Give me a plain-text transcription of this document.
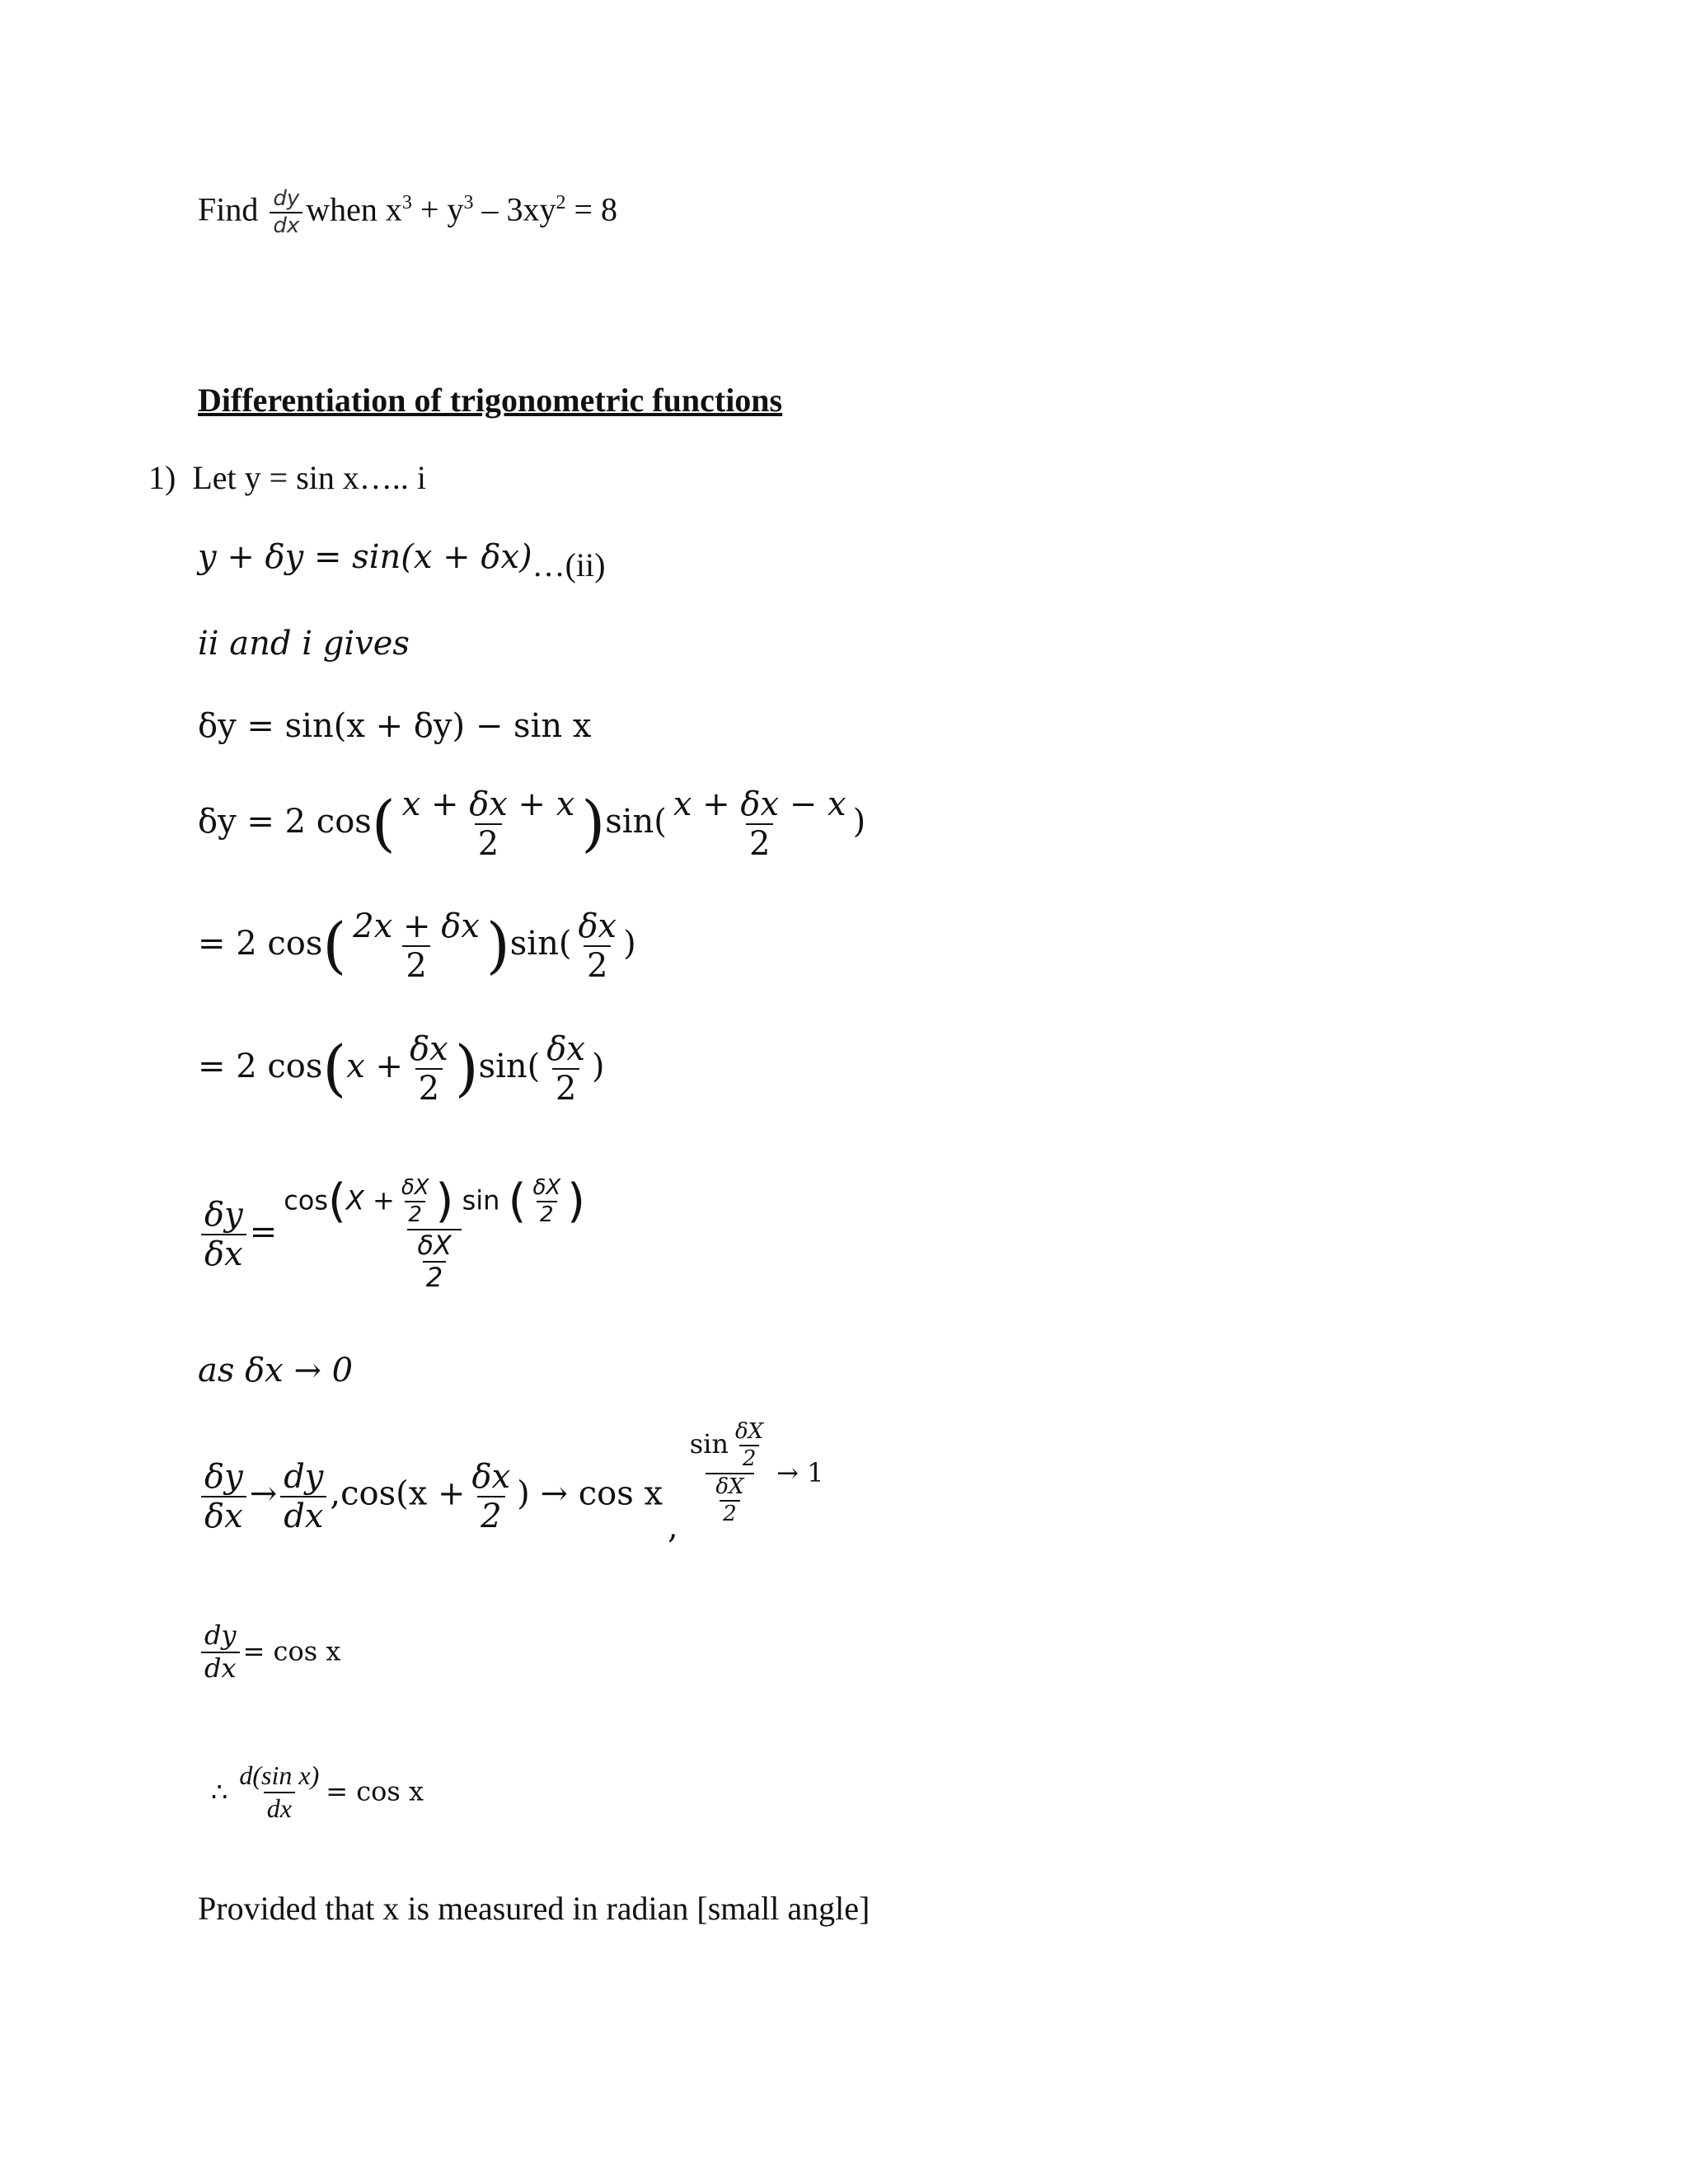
Find $\frac{dy}{dx}$ when $x^3 + y^3 - 3xy^2 = 8$
Differentiation of trigonometric functions
1) Let y = sin x….. i
y + δy = sin(x + δx)…(ii)
ii and i gives
δy = sin(x + δy) − sin x
δy = 2 $\cos( \frac{x + \delta x + x}{2} )\sin( \frac{x + \delta x - x}{2}$ )
= 2 $\cos( \frac{2x + \delta x}{2} )\sin( \frac{\delta x}{2}$ )
= 2 $\cos(x + \frac{\delta x}{2} )\sin( \frac{\delta x}{2}$ )
$\frac{\delta y}{\delta x} = \frac{\cos(X + \frac{\delta X}{2} ) \sin ( \frac{\delta X}{2} )}{\frac{\delta X}{2}}$
as δx → 0
$\frac{\delta y}{\delta x} \to \frac{dy}{dx} ,\cos(x + \frac{\delta x}{2}$ ) → cos x,
$\frac{\sin \frac{\delta X}{2}}{\frac{\delta X}{2}} ^{\to 1}$
$\frac{dy}{dx} = \cos x$
∴ $\frac{\text{d(sin x)}}{dx} = \cos x$
Provided that x is measured in radian [small angle]
